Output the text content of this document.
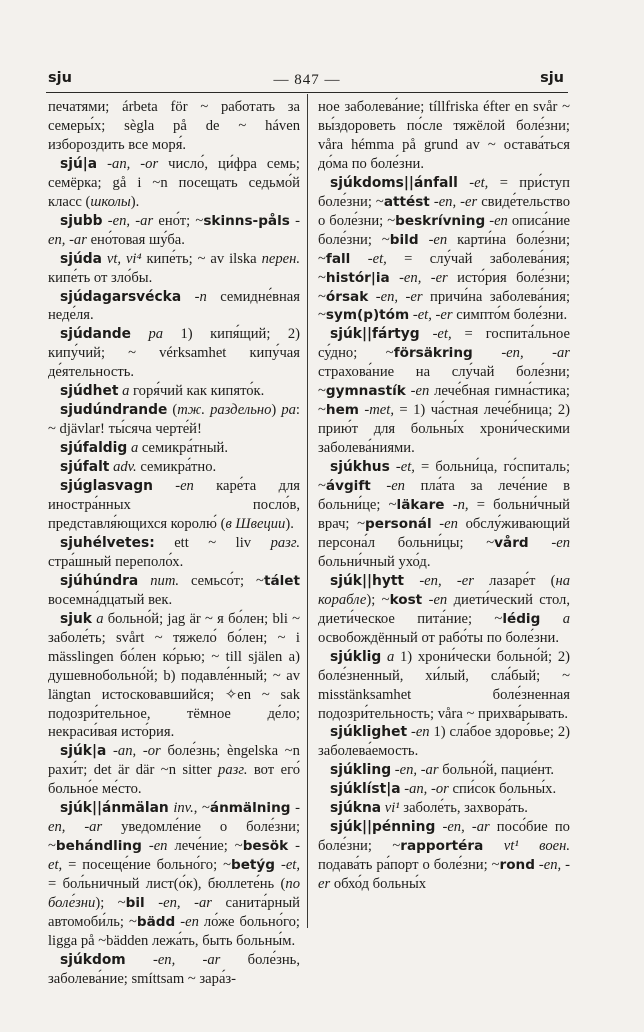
sju	— 847 —	sju

печатями; árbeta för ~ работать за семеры́х; sègla på de ~ háven избороздить все моря́.

sjú|a -an, -or число́, ци́фра семь; семёрка; gå i ~n посещать седьмо́й класс (школы).

sjubb -en, -ar ено́т; ~skinns-påls -en, -ar ено́товая шу́ба.

sjúda vt, vi⁴ кипе́ть; ~ av ilska перен. кипе́ть от зло́бы.

sjúdagarsvécka -n семидне́вная неде́ля.

sjúdande pa 1) кипя́щий; 2) кипу́чий; ~ vérksamhet кипу́чая де́ятельность.

sjúdhet a горя́чий как кипято́к.

sjudúndrande (тж. раздельно) pa: ~ djävlar! ты́сяча черте́й!

sjúfaldig a семикра́тный.

sjúfalt adv. семикра́тно.

sjúglasvagn -en каре́та для иностра́нных посло́в, представля́ющихся королю́ (в Швеции).

sjuhélvetes: ett ~ liv разг. стра́шный переполо́х.

sjúhúndra num. семьсо́т; ~tálet восемна́дцатый век.

sjuk a больно́й; jag är ~ я бо́лен; bli ~ заболе́ть; svårt ~ тяжело́ бо́лен; ~ i mässlingen бо́лен ко́рью; ~ till själen a) душевнобольно́й; b) подавле́нный; ~ av längtan истосковавшийся; ✧en ~ sak подозри́тельное, тёмное де́ло; некраси́вая исто́рия.

sjúk|a -an, -or боле́знь; èngelska ~n рахи́т; det är där ~n sitter разг. вот его́ больно́е ме́сто.

sjúk||ánmälan inv., ~ánmälning -en, -ar уведомле́ние о боле́зни; ~behándling -en лече́ние; ~besök -et, = посеще́ние больно́го; ~betýg -et, = бол́ьничный лист(о́к), бюллете́нь (по боле́зни); ~bil -en, -ar санита́рный автомоби́ль; ~bädd -en ло́же больно́го; ligga på ~bädden лежа́ть, быть больны́м.

sjúkdom -en, -ar боле́знь, заболева́ние; smíttsam ~ зара́з-

ное заболева́ние; tíllfriska éfter en svår ~ вы́здороветь по́сле тяжёлой боле́зни; våra hémma på grund av ~ остава́ться до́ма по боле́зни.

sjúkdoms||ánfall -et, = при́ступ боле́зни; ~attést -en, -er свиде́тельство о боле́зни; ~beskrívning -en описа́ние боле́зни; ~bild -en карти́на боле́зни; ~fall -et, = слу́чай заболева́ния; ~histór|ia -en, -er исто́рия боле́зни; ~órsak -en, -er причи́на заболева́ния; ~sym(p)tóm -et, -er симпто́м боле́зни.

sjúk||fártyg -et, = госпита́льное су́дно; ~försäkring -en, -ar страхова́ние на слу́чай боле́зни; ~gymnastík -en лече́бная гимна́стика; ~hem -met, = 1) ча́стная лече́бница; 2) прию́т для больны́х хрони́ческими заболева́ниями.

sjúkhus -et, = больни́ца, го́спиталь; ~ávgift -en пла́та за лече́ние в больни́це; ~läkare -n, = больни́чный врач; ~personál -en обслу́живающий персона́л больни́цы; ~vård -en больни́чный ухо́д.

sjúk||hytt -en, -er лазаре́т (на корабле); ~kost -en диети́ческий стол, диети́ческое пита́ние; ~lédig a освобождённый от рабо́ты по боле́зни.

sjúklig a 1) хрони́чески больно́й; 2) боле́зненный, хи́лый, сла́бый; ~ misstänksamhet боле́зненная подозри́тельность; våra ~ прихва́рывать.

sjúklighet -en 1) сла́бое здоро́вье; 2) заболева́емость.

sjúkling -en, -ar больно́й, пацие́нт.

sjúklíst|a -an, -or спи́сок больны́х.

sjúkna vi¹ заболе́ть, захвора́ть.

sjúk||pénning -en, -ar посо́бие по боле́зни; ~rapportéra vt¹ воен. подава́ть ра́порт о боле́зни; ~rond -en, -er обхо́д больны́х
